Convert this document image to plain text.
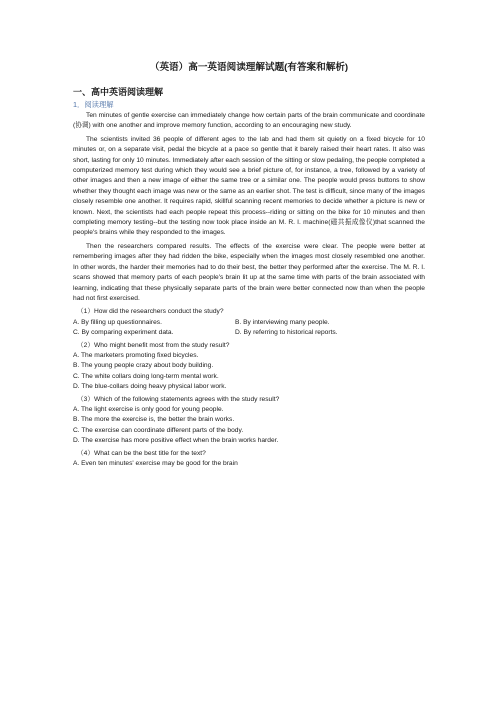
（英语）高一英语阅读理解试题(有答案和解析)
一、高中英语阅读理解
1．阅读理解

Ten minutes of gentle exercise can immediately change how certain parts of the brain communicate and coordinate (协调) with one another and improve memory function, according to an encouraging new study.

The scientists invited 36 people of different ages to the lab and had them sit quietly on a fixed bicycle for 10 minutes or, on a separate visit, pedal the bicycle at a pace so gentle that it barely raised their heart rates. It also was short, lasting for only 10 minutes. Immediately after each session of the sitting or slow pedaling, the people completed a computerized memory test during which they would see a brief picture of, for instance, a tree, followed by a variety of other images and then a new image of either the same tree or a similar one. The people would press buttons to show whether they thought each image was new or the same as an earlier shot. The test is difficult, since many of the images closely resemble one another. It requires rapid, skillful scanning recent memories to decide whether a picture is new or known. Next, the scientists had each people repeat this process--riding or sitting on the bike for 10 minutes and then completing memory testing--but the testing now took place inside an M. R. I. machine(磁共振成像仪)that scanned the people's brains while they responded to the images.

Then the researchers compared results. The effects of the exercise were clear. The people were better at remembering images after they had ridden the bike, especially when the images most closely resembled one another. In other words, the harder their memories had to do their best, the better they performed after the exercise. The M. R. I. scans showed that memory parts of each people's brain lit up at the same time with parts of the brain associated with learning, indicating that these physically separate parts of the brain were better connected now than when the people had not first exercised.

（1）How did the researchers conduct the study?
A. By filling up questionnaires.	B. By interviewing many people.
C. By comparing experiment data.	D. By referring to historical reports.
（2）Who might benefit most from the study result?

A. The marketers promoting fixed bicycles.

B. The young people crazy about body building.

C. The white collars doing long-term mental work.

D. The blue-collars doing heavy physical labor work.

（3）Which of the following statements agrees with the study result?

A. The light exercise is only good for young people.

B. The more the exercise is, the better the brain works.

C. The exercise can coordinate different parts of the body.

D. The exercise has more positive effect when the brain works harder.

（4）What can be the best title for the text?

A. Even ten minutes' exercise may be good for the brain
